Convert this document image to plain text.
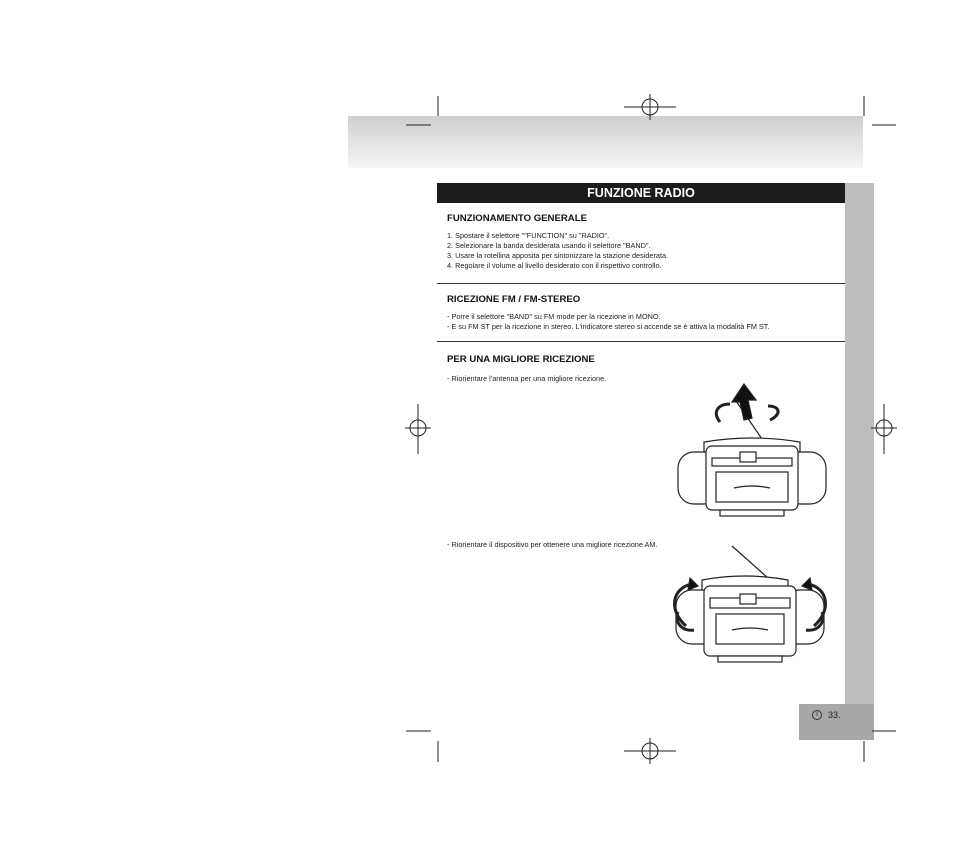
I	33.
FUNZIONE RADIO
FUNZIONAMENTO GENERALE
1. Spostare il selettore ""FUNCTION" su "RADIO".
2. Selezionare la banda desiderata usando il selettore "BAND".
3. Usare la rotellina apposita per sintonizzare la stazione desiderata.
4. Regolare il volume al livello desiderato con il rispettivo controllo.
RICEZIONE FM / FM-STEREO
- Porre il selettore "BAND" su FM mode per la ricezione in MONO.
- E su FM ST per la ricezione in stereo. L'indicatore stereo si accende se è attiva la modalità FM ST.
PER UNA MIGLIORE RICEZIONE
- Riorientare l'antenna per una migliore ricezione.
- Riorientare il dispositivo per ottenere una migliore ricezione AM.
